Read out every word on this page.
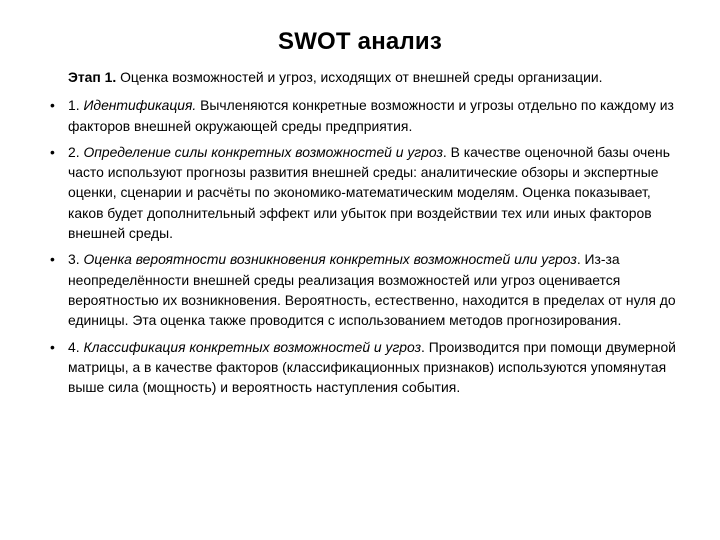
SWOT анализ

Этап 1. Оценка возможностей и угроз, исходящих от внешней среды организации.

• 1. Идентификация. Вычленяются конкретные возможности и угрозы отдельно по каждому из факторов внешней окружающей среды предприятия.

• 2. Определение силы конкретных возможностей и угроз. В качестве оценочной базы очень часто используют прогнозы развития внешней среды: аналитические обзоры и экспертные оценки, сценарии и расчёты по экономико-математическим моделям. Оценка показывает, каков будет дополнительный эффект или убыток при воздействии тех или иных факторов внешней среды.

• 3. Оценка вероятности возникновения конкретных возможностей или угроз. Из-за неопределённости внешней среды реализация возможностей или угроз оценивается вероятностью их возникновения. Вероятность, естественно, находится в пределах от нуля до единицы. Эта оценка также проводится с использованием методов прогнозирования.

• 4. Классификация конкретных возможностей и угроз. Производится при помощи двумерной матрицы, а в качестве факторов (классификационных признаков) используются упомянутая выше сила (мощность) и вероятность наступления события.
